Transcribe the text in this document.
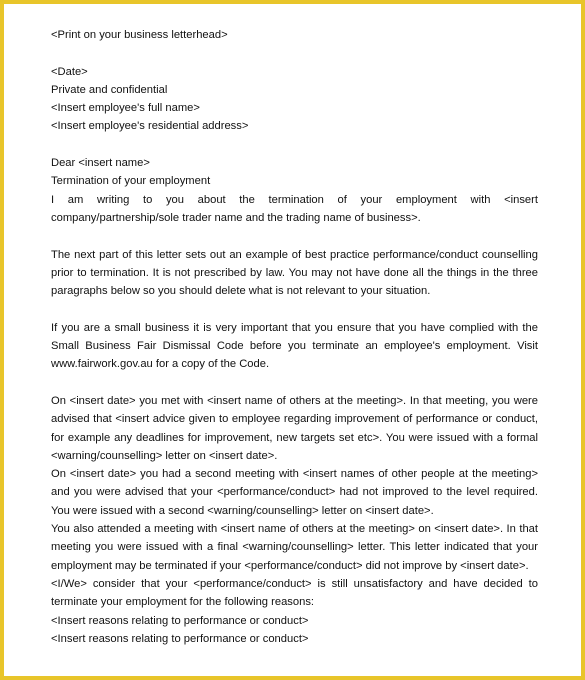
<Print on your business letterhead>
<Date>
Private and confidential
<Insert employee's full name>
<Insert employee's residential address>
Dear <insert name>
Termination of your employment
I am writing to you about the termination of your employment with <insert company/partnership/sole trader name and the trading name of business>.
The next part of this letter sets out an example of best practice performance/conduct counselling prior to termination. It is not prescribed by law. You may not have done all the things in the three paragraphs below so you should delete what is not relevant to your situation.
If you are a small business it is very important that you ensure that you have complied with the Small Business Fair Dismissal Code before you terminate an employee's employment. Visit www.fairwork.gov.au for a copy of the Code.
On <insert date> you met with <insert name of others at the meeting>. In that meeting, you were advised that <insert advice given to employee regarding improvement of performance or conduct, for example any deadlines for improvement, new targets set etc>. You were issued with a formal <warning/counselling> letter on <insert date>.
On <insert date> you had a second meeting with <insert names of other people at the meeting> and you were advised that your <performance/conduct> had not improved to the level required. You were issued with a second <warning/counselling> letter on <insert date>.
You also attended a meeting with <insert name of others at the meeting> on <insert date>. In that meeting you were issued with a final <warning/counselling> letter. This letter indicated that your employment may be terminated if your <performance/conduct> did not improve by <insert date>.
<I/We> consider that your <performance/conduct> is still unsatisfactory and have decided to terminate your employment for the following reasons:
<Insert reasons relating to performance or conduct>
<Insert reasons relating to performance or conduct>
